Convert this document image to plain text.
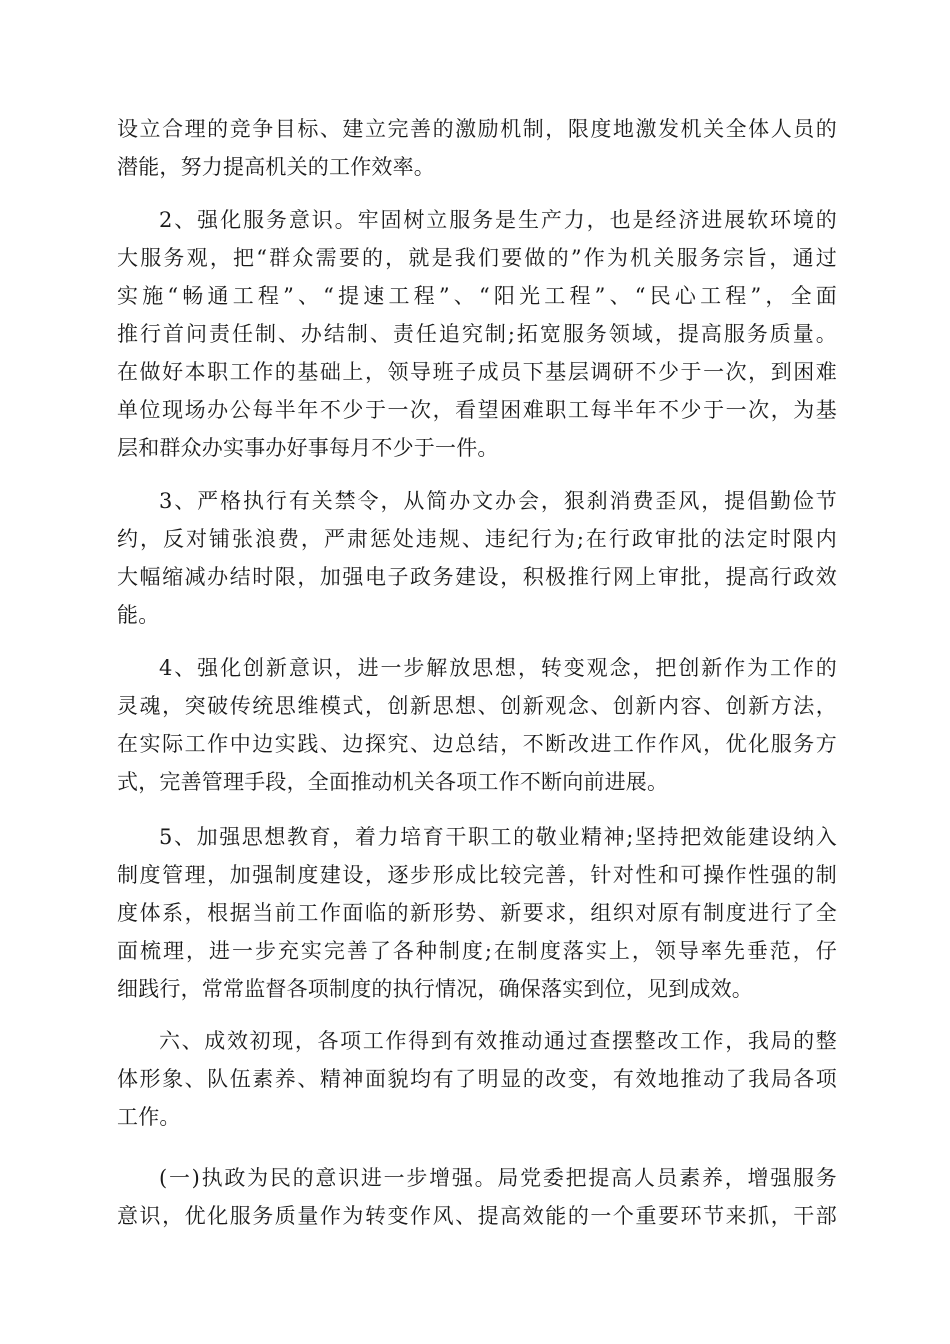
设立合理的竞争目标、建立完善的激励机制，限度地激发机关全体人员的
潜能，努力提高机关的工作效率。
2、强化服务意识。牢固树立服务是生产力，也是经济进展软环境的
大服务观，把“群众需要的，就是我们要做的”作为机关服务宗旨，通过
实施“畅通工程”、“提速工程”、“阳光工程”、“民心工程”，全面
推行首问责任制、办结制、责任追究制;拓宽服务领域，提高服务质量。
在做好本职工作的基础上，领导班子成员下基层调研不少于一次，到困难
单位现场办公每半年不少于一次，看望困难职工每半年不少于一次，为基
层和群众办实事办好事每月不少于一件。
3、严格执行有关禁令，从简办文办会，狠刹消费歪风，提倡勤俭节
约，反对铺张浪费，严肃惩处违规、违纪行为;在行政审批的法定时限内
大幅缩减办结时限，加强电子政务建设，积极推行网上审批，提高行政效
能。
4、强化创新意识，进一步解放思想，转变观念，把创新作为工作的
灵魂，突破传统思维模式，创新思想、创新观念、创新内容、创新方法，
在实际工作中边实践、边探究、边总结，不断改进工作作风，优化服务方
式，完善管理手段，全面推动机关各项工作不断向前进展。
5、加强思想教育，着力培育干职工的敬业精神;坚持把效能建设纳入
制度管理，加强制度建设，逐步形成比较完善，针对性和可操作性强的制
度体系，根据当前工作面临的新形势、新要求，组织对原有制度进行了全
面梳理，进一步充实完善了各种制度;在制度落实上，领导率先垂范，仔
细践行，常常监督各项制度的执行情况，确保落实到位，见到成效。
六、成效初现，各项工作得到有效推动通过查摆整改工作，我局的整
体形象、队伍素养、精神面貌均有了明显的改变，有效地推动了我局各项
工作。
(一)执政为民的意识进一步增强。局党委把提高人员素养，增强服务
意识，优化服务质量作为转变作风、提高效能的一个重要环节来抓，干部
